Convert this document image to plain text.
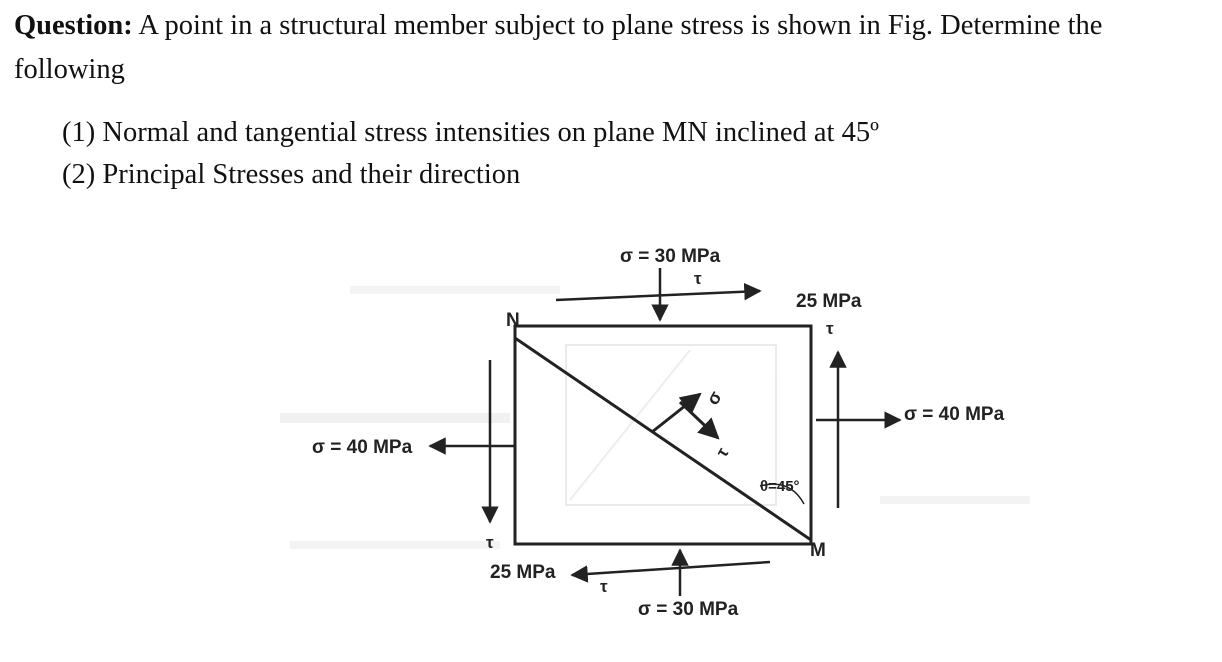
Question: A point in a structural member subject to plane stress is shown in Fig. Determine the following

(1) Normal and tangential stress intensities on plane MN inclined at 45º
(2) Principal Stresses and their direction
σ = 30 MPa
τ
25 MPa
τ
σ = 40 MPa
σ = 40 MPa
τ
25 MPa
τ
σ = 30 MPa
N
M
σ
τ
θ=45°
